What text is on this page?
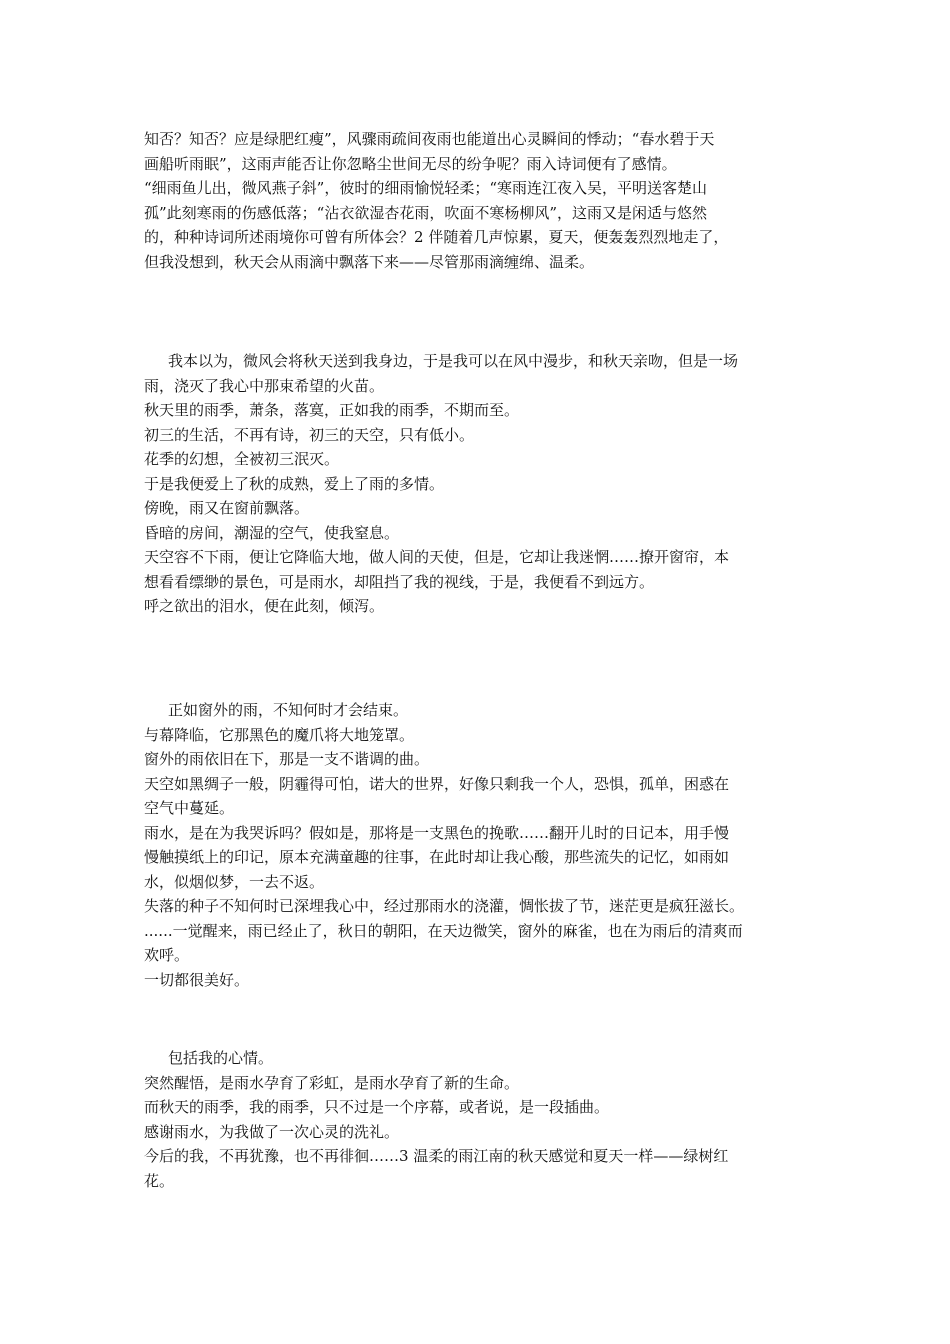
知否？知否？应是绿肥红瘦”，风骤雨疏间夜雨也能道出心灵瞬间的悸动；“春水碧于天
画船听雨眠”，这雨声能否让你忽略尘世间无尽的纷争呢？雨入诗词便有了感情。
“细雨鱼儿出，微风燕子斜”，彼时的细雨愉悦轻柔；“寒雨连江夜入吴，平明送客楚山
孤”此刻寒雨的伤感低落；“沾衣欲湿杏花雨，吹面不寒杨柳风”，这雨又是闲适与悠然
的，种种诗词所述雨境你可曾有所体会？2 伴随着几声惊累，夏天，便轰轰烈烈地走了，
但我没想到，秋天会从雨滴中飘落下来——尽管那雨滴缠绵、温柔。
我本以为，微风会将秋天送到我身边，于是我可以在风中漫步，和秋天亲吻，但是一场
雨，浇灭了我心中那束希望的火苗。
秋天里的雨季，萧条，落寞，正如我的雨季，不期而至。
初三的生活，不再有诗，初三的天空，只有低小。
花季的幻想，全被初三泯灭。
于是我便爱上了秋的成熟，爱上了雨的多情。
傍晚，雨又在窗前飘落。
昏暗的房间，潮湿的空气，使我窒息。
天空容不下雨，便让它降临大地，做人间的天使，但是，它却让我迷惘……撩开窗帘，本
想看看缥缈的景色，可是雨水，却阻挡了我的视线，于是，我便看不到远方。
呼之欲出的泪水，便在此刻，倾泻。
正如窗外的雨，不知何时才会结束。
与幕降临，它那黑色的魔爪将大地笼罩。
窗外的雨依旧在下，那是一支不谐调的曲。
天空如黑绸子一般，阴霾得可怕，诺大的世界，好像只剩我一个人，恐惧，孤单，困惑在
空气中蔓延。
雨水，是在为我哭诉吗？假如是，那将是一支黑色的挽歌……翻开儿时的日记本，用手慢
慢触摸纸上的印记，原本充满童趣的往事，在此时却让我心酸，那些流失的记忆，如雨如
水，似烟似梦，一去不返。
失落的种子不知何时已深埋我心中，经过那雨水的浇灌，惆怅拔了节，迷茫更是疯狂滋长。
......一觉醒来，雨已经止了，秋日的朝阳，在天边微笑，窗外的麻雀，也在为雨后的清爽而
欢呼。
一切都很美好。
包括我的心情。
突然醒悟，是雨水孕育了彩虹，是雨水孕育了新的生命。
而秋天的雨季，我的雨季，只不过是一个序幕，或者说，是一段插曲。
感谢雨水，为我做了一次心灵的洗礼。
今后的我，不再犹豫，也不再徘徊……3 温柔的雨江南的秋天感觉和夏天一样——绿树红
花。
